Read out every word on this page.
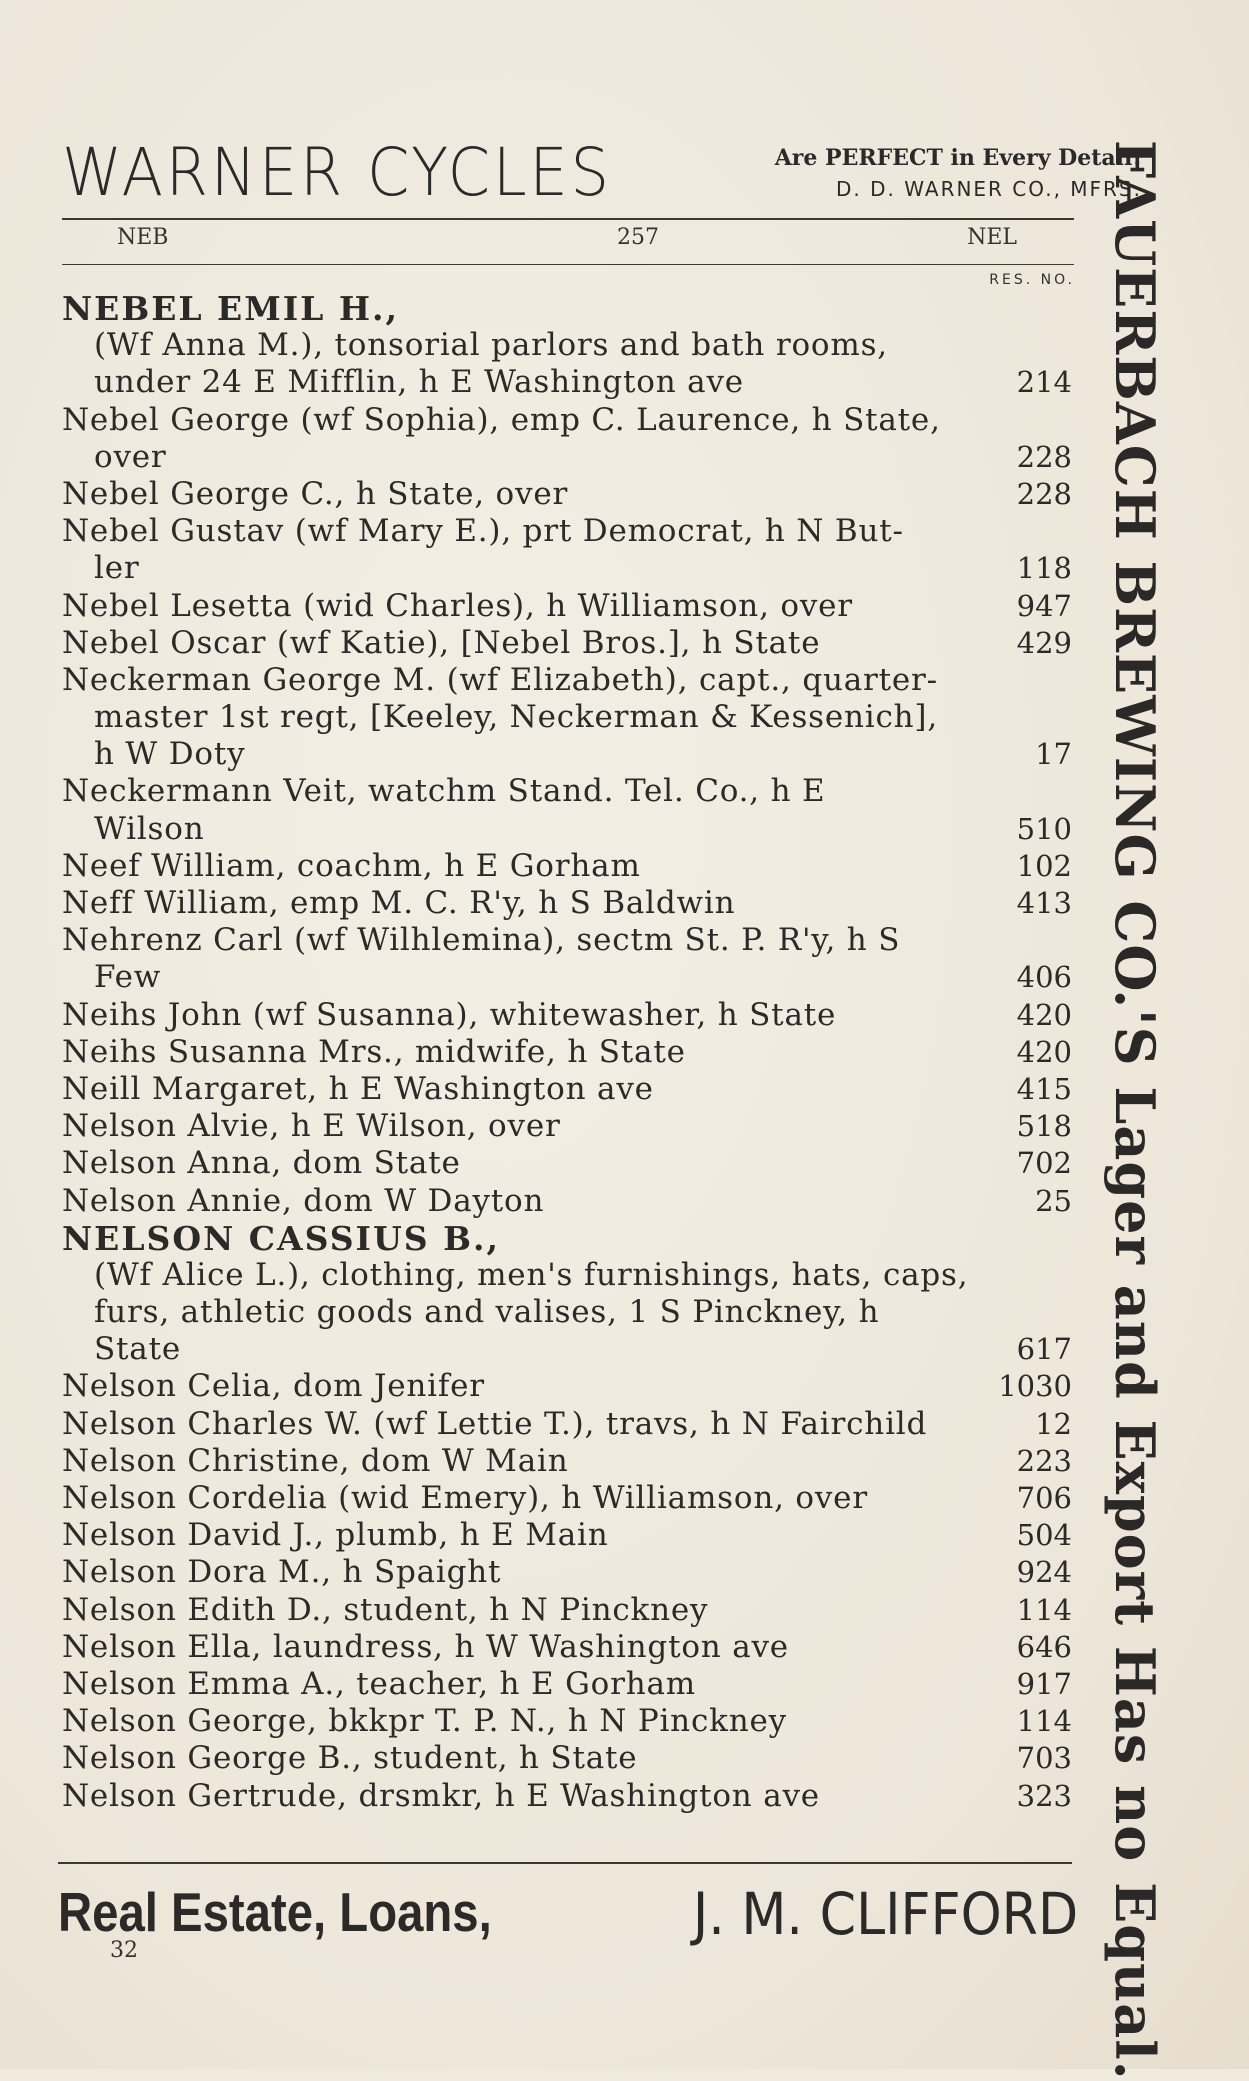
WARNER CYCLES	Are PERFECT in Every Detail!
D. D. WARNER CO., MFRS.
NEB	257	NEL
RES. NO.
NEBEL EMIL H.,
(Wf Anna M.), tonsorial parlors and bath rooms,
under 24 E Mifflin, h E Washington ave	214
Nebel George (wf Sophia), emp C. Laurence, h State,
over	228
Nebel George C., h State, over	228
Nebel Gustav (wf Mary E.), prt Democrat, h N But-
ler	118
Nebel Lesetta (wid Charles), h Williamson, over	947
Nebel Oscar (wf Katie), [Nebel Bros.], h State	429
Neckerman George M. (wf Elizabeth), capt., quarter-
master 1st regt, [Keeley, Neckerman & Kessenich],
h W Doty	17
Neckermann Veit, watchm Stand. Tel. Co., h E
Wilson	510
Neef William, coachm, h E Gorham	102
Neff William, emp M. C. R'y, h S Baldwin	413
Nehrenz Carl (wf Wilhlemina), sectm St. P. R'y, h S
Few	406
Neihs John (wf Susanna), whitewasher, h State	420
Neihs Susanna Mrs., midwife, h State	420
Neill Margaret, h E Washington ave	415
Nelson Alvie, h E Wilson, over	518
Nelson Anna, dom State	702
Nelson Annie, dom W Dayton	25
NELSON CASSIUS B.,
(Wf Alice L.), clothing, men's furnishings, hats, caps,
furs, athletic goods and valises, 1 S Pinckney, h
State	617
Nelson Celia, dom Jenifer	1030
Nelson Charles W. (wf Lettie T.), travs, h N Fairchild	12
Nelson Christine, dom W Main	223
Nelson Cordelia (wid Emery), h Williamson, over	706
Nelson David J., plumb, h E Main	504
Nelson Dora M., h Spaight	924
Nelson Edith D., student, h N Pinckney	114
Nelson Ella, laundress, h W Washington ave	646
Nelson Emma A., teacher, h E Gorham	917
Nelson George, bkkpr T. P. N., h N Pinckney	114
Nelson George B., student, h State	703
Nelson Gertrude, drsmkr, h E Washington ave	323
Real Estate, Loans,	J. M. CLIFFORD
32	FAUERBACH BREWING CO.'S Lager and Export Has no Equal.
